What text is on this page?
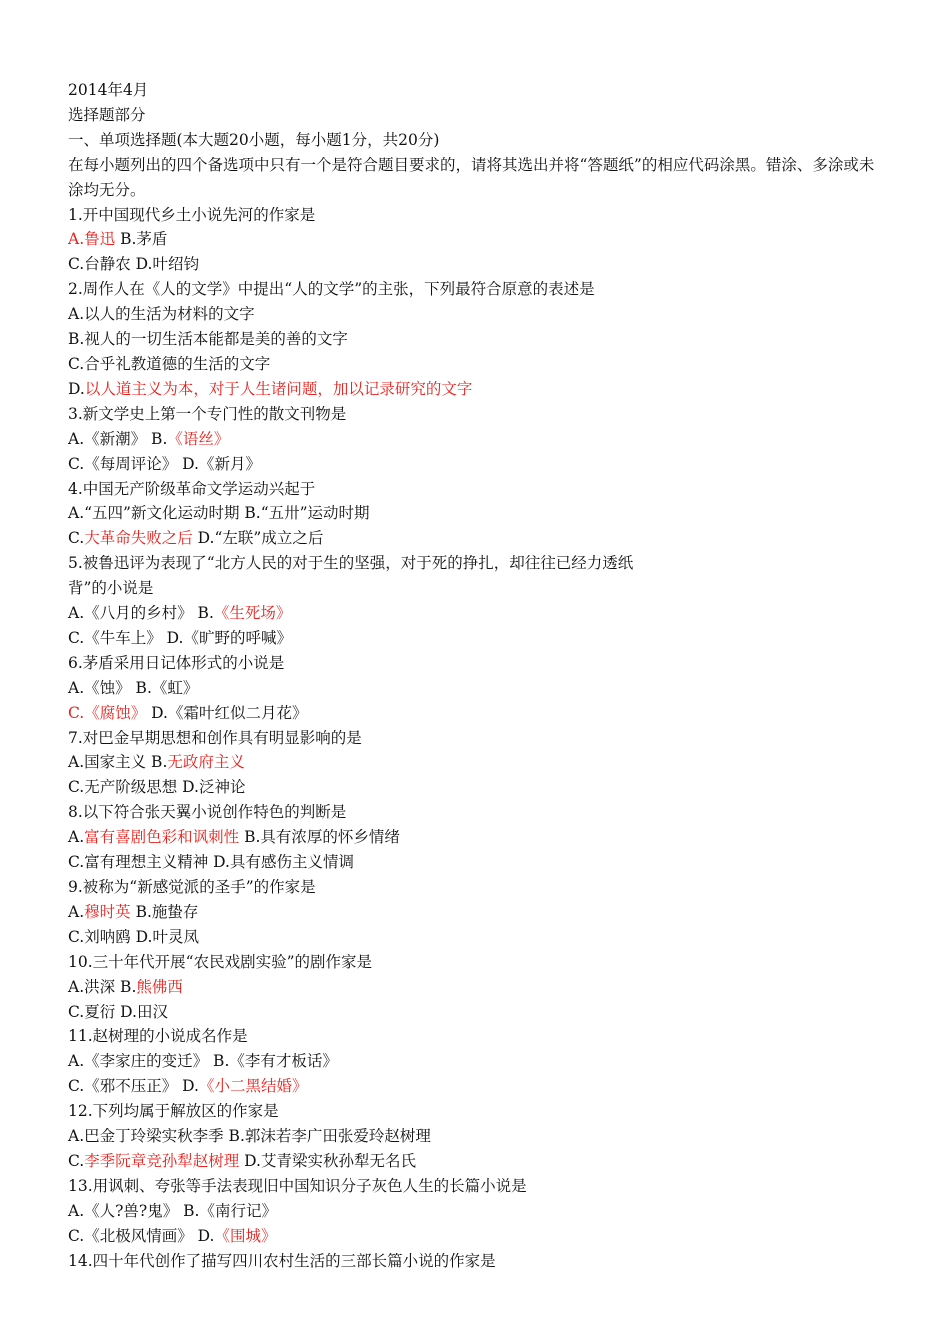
2014年4月

选择题部分

一、单项选择题(本大题20小题，每小题1分，共20分)

在每小题列出的四个备选项中只有一个是符合题目要求的，请将其选出并将“答题纸”的相应代码涂黑。错涂、多涂或未涂均无分。

1.开中国现代乡土小说先河的作家是

A.鲁迅 B.茅盾

C.台静农 D.叶绍钧

2.周作人在《人的文学》中提出“人的文学”的主张，下列最符合原意的表述是

A.以人的生活为材料的文字

B.视人的一切生活本能都是美的善的文字

C.合乎礼教道德的生活的文字

D.以人道主义为本，对于人生诸问题，加以记录研究的文字

3.新文学史上第一个专门性的散文刊物是

A.《新潮》 B.《语丝》

C.《每周评论》 D.《新月》

4.中国无产阶级革命文学运动兴起于

A.“五四”新文化运动时期 B.“五卅”运动时期

C.大革命失败之后 D.“左联”成立之后

5.被鲁迅评为表现了“北方人民的对于生的坚强，对于死的挣扎，却往往已经力透纸

背”的小说是

A.《八月的乡村》 B.《生死场》

C.《牛车上》 D.《旷野的呼喊》

6.茅盾采用日记体形式的小说是

A.《蚀》 B.《虹》

C.《腐蚀》 D.《霜叶红似二月花》

7.对巴金早期思想和创作具有明显影响的是

A.国家主义 B.无政府主义

C.无产阶级思想 D.泛神论

8.以下符合张天翼小说创作特色的判断是

A.富有喜剧色彩和讽刺性 B.具有浓厚的怀乡情绪

C.富有理想主义精神 D.具有感伤主义情调

9.被称为“新感觉派的圣手”的作家是

A.穆时英 B.施蛰存

C.刘呐鸥 D.叶灵凤

10.三十年代开展“农民戏剧实验”的剧作家是

A.洪深 B.熊佛西

C.夏衍 D.田汉

11.赵树理的小说成名作是

A.《李家庄的变迁》 B.《李有才板话》

C.《邪不压正》 D.《小二黑结婚》

12.下列均属于解放区的作家是

A.巴金丁玲梁实秋李季 B.郭沫若李广田张爱玲赵树理

C.李季阮章竞孙犁赵树理 D.艾青梁实秋孙犁无名氏

13.用讽刺、夸张等手法表现旧中国知识分子灰色人生的长篇小说是

A.《人?兽?鬼》 B.《南行记》

C.《北极风情画》 D.《围城》

14.四十年代创作了描写四川农村生活的三部长篇小说的作家是
